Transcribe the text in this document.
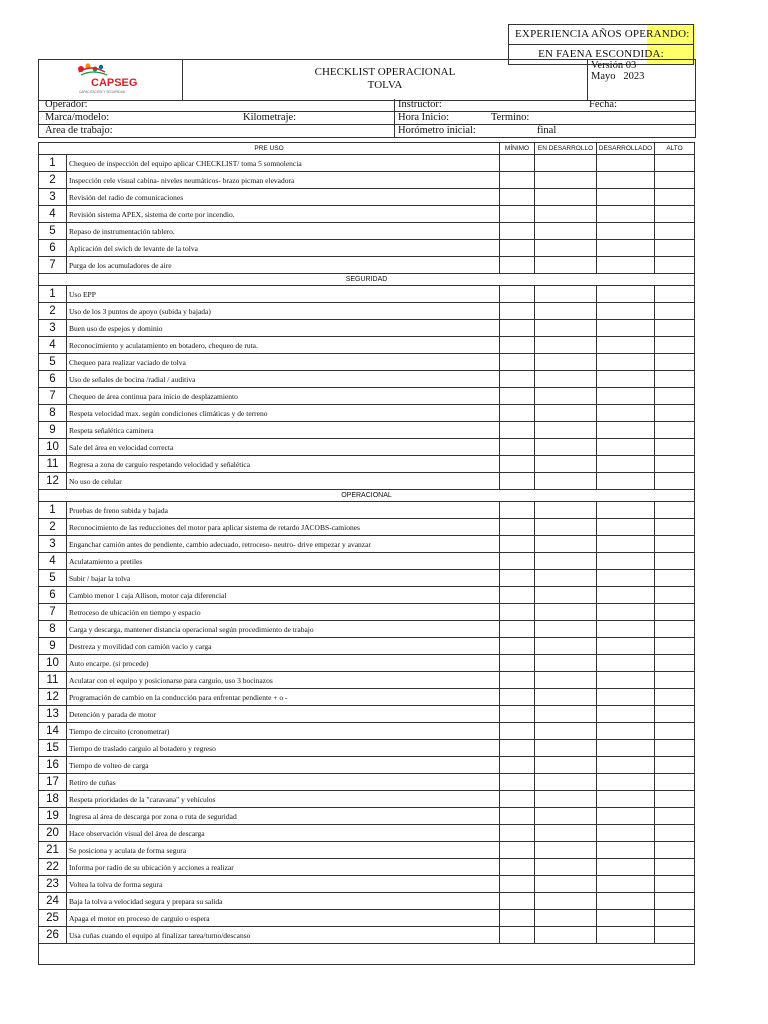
EXPERIENCIA AÑOS OPERANDO:
EN FAENA ESCONDIDA:
CAPSEG
CAPACITACIÓN Y SEGURIDAD
CHECKLIST OPERACIONAL
TOLVA
Versión 03
Mayo 2023
Operador:	Instructor:	Fecha:
Marca/modelo:	Kilometraje:	Hora Inicio:	Termino:
Area de trabajo:	Horómetro inicial:	final
PRE USO		MÍNIMO	EN DESARROLLO	DESARROLLADO	ALTO
1	Chequeo de inspección del equipo aplicar CHECKLIST/ toma 5 somnolencia				
2	Inspección cele visual cabina- niveles neumáticos- brazo picman elevadora				
3	Revisión del radio de comunicaciones				
4	Revisión sistema APEX, sistema de corte por incendio.				
5	Repaso de instrumentación tablero.				
6	Aplicación del swich de levante de la tolva				
7	Purga de los acumuladores de aire				
SEGURIDAD					
1	Uso EPP				
2	Uso de los 3 puntos de apoyo (subida y bajada)				
3	Buen uso de espejos y dominio				
4	Reconocimiento y aculatamiento en botadero, chequeo de ruta.				
5	Chequeo para realizar vaciado de tolva				
6	Uso de señales de bocina /radial / auditiva				
7	Chequeo de área continua para inicio de desplazamiento				
8	Respeta velocidad max. según condiciones climáticas y de terreno				
9	Respeta señalética caminera				
10	Sale del área en velocidad correcta				
11	Regresa a zona de carguío respetando velocidad y señalética				
12	No uso de celular				
OPERACIONAL					
1	Pruebas de freno subida y bajada				
2	Reconocimiento de las reducciones del motor para aplicar sistema de retardo JACOBS-camiones				
3	Enganchar camión antes de pendiente, cambio adecuado, retroceso- neutro- drive empezar y avanzar				
4	Aculatamiento a pretiles				
5	Subir / bajar la tolva				
6	Cambio menor 1 caja Allison, motor caja diferencial				
7	Retroceso de ubicación en tiempo y espacio				
8	Carga y descarga, mantener distancia operacional según procedimiento de trabajo				
9	Destreza y movilidad con camión vacío y carga				
10	Auto encarpe. (si procede)				
11	Aculatar con el equipo y posicionarse para carguío, uso 3 bocinazos				
12	Programación de cambio en la conducción para enfrentar pendiente + o -				
13	Detención y parada de motor				
14	Tiempo de circuito (cronometrar)				
15	Tiempo de traslado carguío al botadero y regreso				
16	Tiempo de volteo de carga				
17	Retiro de cuñas				
18	Respeta prioridades de la "caravana" y vehículos				
19	Ingresa al área de descarga por zona o ruta de seguridad				
20	Hace observación visual del área de descarga				
21	Se posiciona y aculata de forma segura				
22	Informa por radio de su ubicación y acciones a realizar				
23	Voltea la tolva de forma segura				
24	Baja la tolva a velocidad segura y prepara su salida				
25	Apaga el motor en proceso de carguío o espera				
26	Usa cuñas cuando el equipo al finalizar tarea/turno/descanso				
